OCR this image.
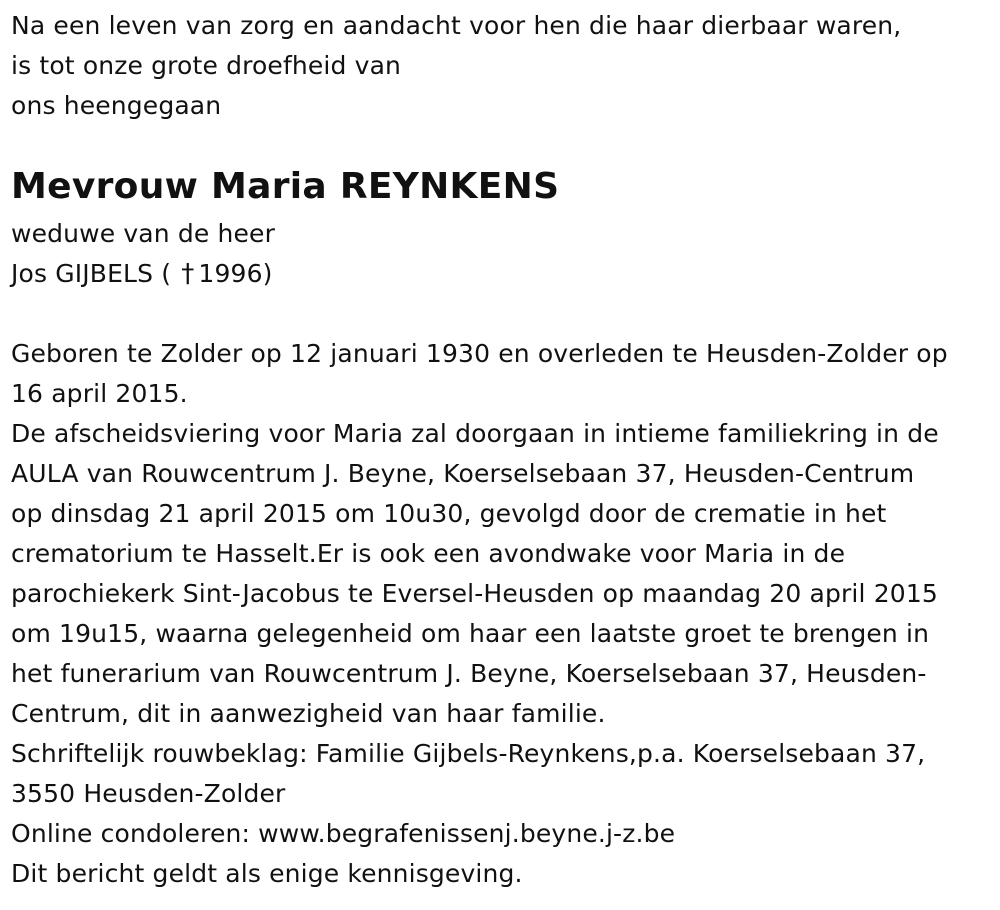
Na een leven van zorg en aandacht voor hen die haar dierbaar waren,
is tot onze grote droefheid van
ons heengegaan
Mevrouw Maria REYNKENS
weduwe van de heer
Jos GIJBELS ( † 1996)
Geboren te Zolder op 12 januari 1930 en overleden te Heusden-Zolder op
16 april 2015.
De afscheidsviering voor Maria zal doorgaan in intieme familiekring in de
AULA van Rouwcentrum J. Beyne, Koerselsebaan 37, Heusden-Centrum
op dinsdag 21 april 2015 om 10u30, gevolgd door de crematie in het
crematorium te Hasselt.Er is ook een avondwake voor Maria in de
parochiekerk Sint-Jacobus te Eversel-Heusden op maandag 20 april 2015
om 19u15, waarna gelegenheid om haar een laatste groet te brengen in
het funerarium van Rouwcentrum J. Beyne, Koerselsebaan 37, Heusden-
Centrum, dit in aanwezigheid van haar familie.
Schriftelijk rouwbeklag: Familie Gijbels-Reynkens,p.a. Koerselsebaan 37,
3550 Heusden-Zolder
Online condoleren: www.begrafenissenj.beyne.j-z.be
Dit bericht geldt als enige kennisgeving.
